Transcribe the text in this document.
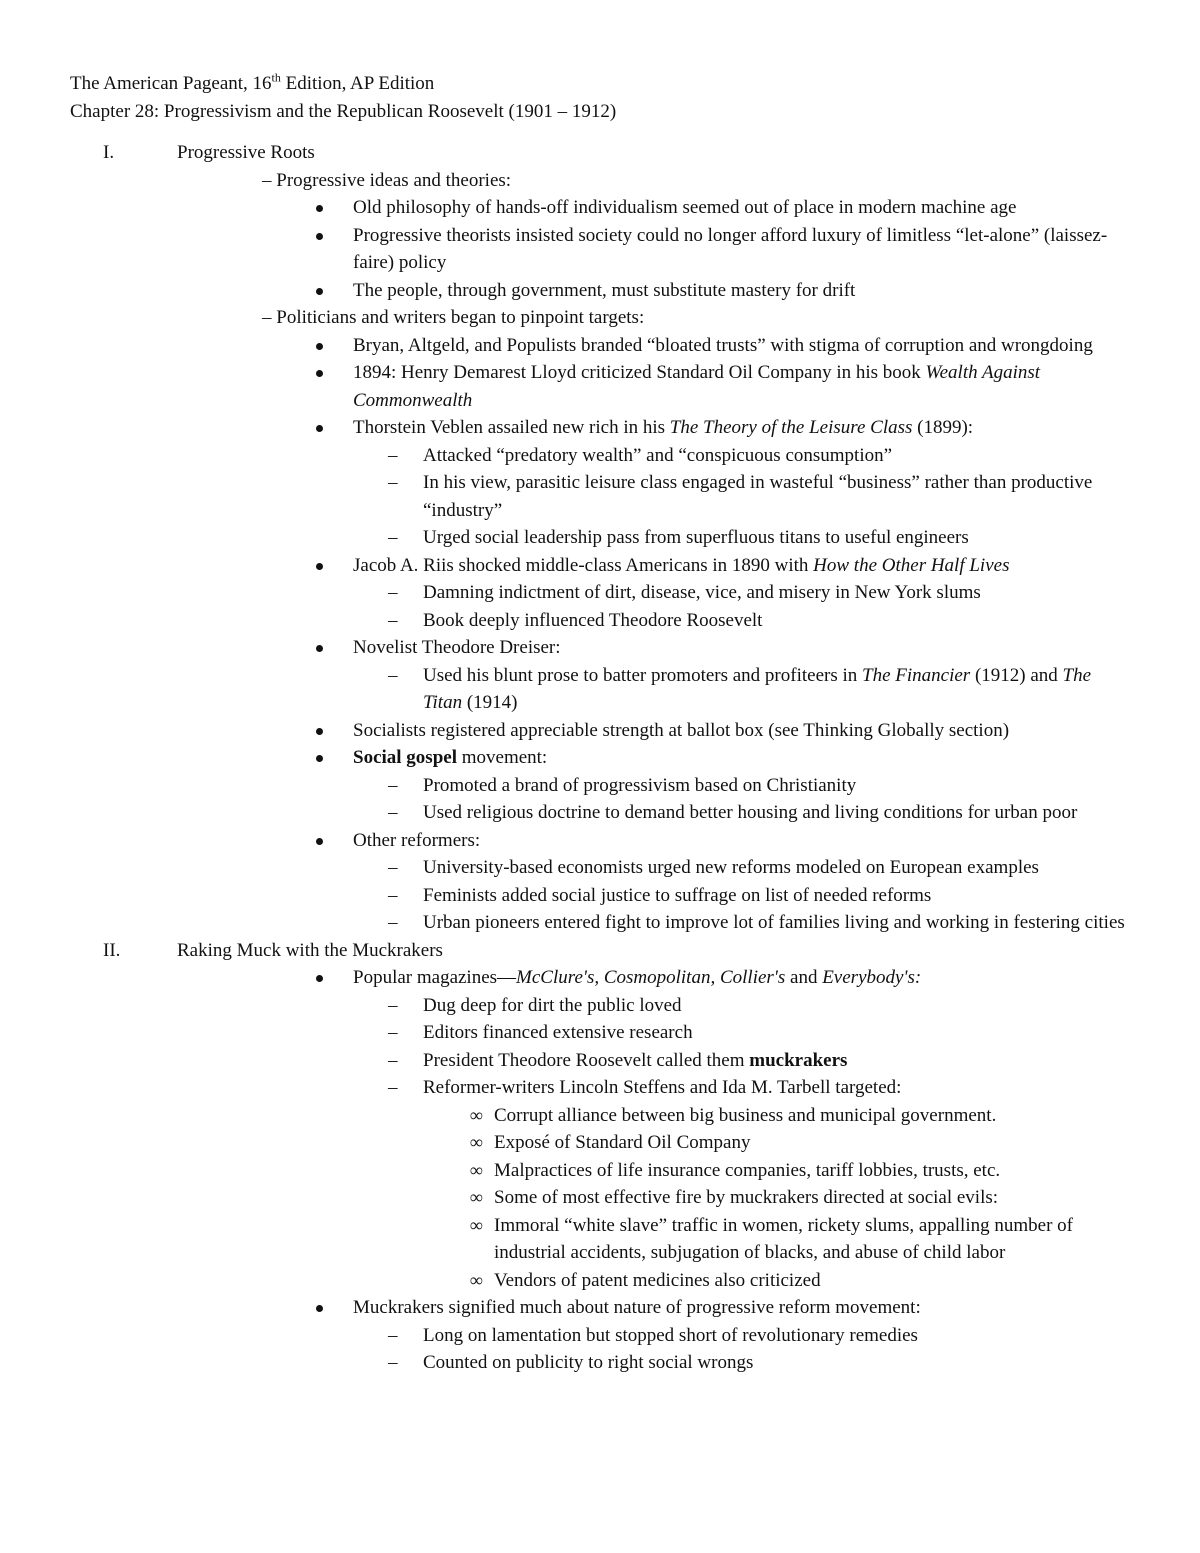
The American Pageant, 16th Edition, AP Edition
Chapter 28: Progressivism and the Republican Roosevelt (1901 – 1912)
I.	Progressive Roots
– Progressive ideas and theories:
Old philosophy of hands-off individualism seemed out of place in modern machine age
Progressive theorists insisted society could no longer afford luxury of limitless “let-alone” (laissez-faire) policy
The people, through government, must substitute mastery for drift
– Politicians and writers began to pinpoint targets:
Bryan, Altgeld, and Populists branded “bloated trusts” with stigma of corruption and wrongdoing
1894: Henry Demarest Lloyd criticized Standard Oil Company in his book Wealth Against Commonwealth
Thorstein Veblen assailed new rich in his The Theory of the Leisure Class (1899):
– Attacked “predatory wealth” and “conspicuous consumption”
– In his view, parasitic leisure class engaged in wasteful “business” rather than productive “industry”
– Urged social leadership pass from superfluous titans to useful engineers
Jacob A. Riis shocked middle-class Americans in 1890 with How the Other Half Lives
– Damning indictment of dirt, disease, vice, and misery in New York slums
– Book deeply influenced Theodore Roosevelt
Novelist Theodore Dreiser:
– Used his blunt prose to batter promoters and profiteers in The Financier (1912) and The Titan (1914)
Socialists registered appreciable strength at ballot box (see Thinking Globally section)
Social gospel movement:
– Promoted a brand of progressivism based on Christianity
– Used religious doctrine to demand better housing and living conditions for urban poor
Other reformers:
– University-based economists urged new reforms modeled on European examples
– Feminists added social justice to suffrage on list of needed reforms
– Urban pioneers entered fight to improve lot of families living and working in festering cities
II.	Raking Muck with the Muckrakers
Popular magazines—McClure's, Cosmopolitan, Collier's and Everybody's:
– Dug deep for dirt the public loved
– Editors financed extensive research
– President Theodore Roosevelt called them muckrakers
– Reformer-writers Lincoln Steffens and Ida M. Tarbell targeted:
∞ Corrupt alliance between big business and municipal government.
∞ Exposé of Standard Oil Company
∞ Malpractices of life insurance companies, tariff lobbies, trusts, etc.
∞ Some of most effective fire by muckrakers directed at social evils:
∞ Immoral “white slave” traffic in women, rickety slums, appalling number of industrial accidents, subjugation of blacks, and abuse of child labor
∞ Vendors of patent medicines also criticized
Muckrakers signified much about nature of progressive reform movement:
– Long on lamentation but stopped short of revolutionary remedies
– Counted on publicity to right social wrongs
